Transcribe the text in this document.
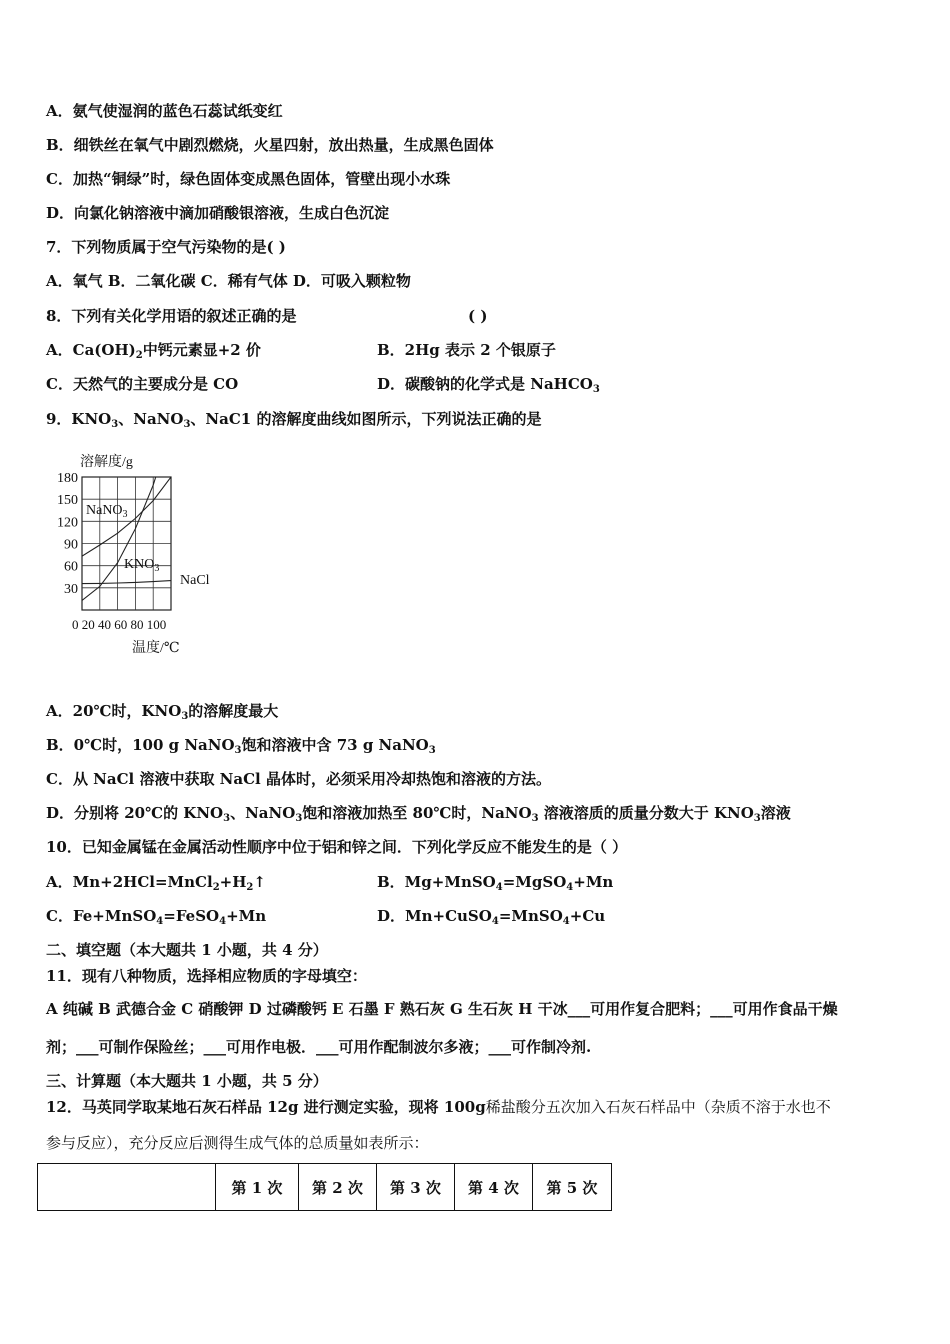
A．氨气使湿润的蓝色石蕊试纸变红
B．细铁丝在氧气中剧烈燃烧，火星四射，放出热量，生成黑色固体
C．加热“铜绿”时，绿色固体变成黑色固体，管壁出现小水珠
D．向氯化钠溶液中滴加硝酸银溶液，生成白色沉淀
7．下列物质属于空气污染物的是( )
A．氧气 B．二氧化碳 C．稀有气体 D．可吸入颗粒物
8．下列有关化学用语的叙述正确的是	( )
A．$Ca(OH)_2$中钙元素显+2 价	B．2Hg 表示 2 个银原子
C．天然气的主要成分是 CO	D．碳酸钠的化学式是 NaHCO$_3$
9．$KNO_3$、NaNO$_3$、NaC1 的溶解度曲线如图所示，下列说法正确的是
溶解度/g
180
150
120
90
60
30
0 20 40 60 80 100
温度/℃
NaNO$_3$
$KNO_3$
NaCl
A．20℃时，$KNO_3$的溶解度最大
B．0℃时，100 g NaNO$_3$饱和溶液中含 73 g NaNO$_3$
C．从 NaCl 溶液中获取 NaCl 晶体时，必须采用冷却热饱和溶液的方法。
D．分别将 20℃的 $KNO_3$、NaNO$_3$饱和溶液加热至 80℃时，NaNO$_3$ 溶液溶质的质量分数大于 $KNO_3$溶液
10．已知金属锰在金属活动性顺序中位于铝和锌之间．下列化学反应不能发生的是（ ）
A．$Mn+2HCl=MnCl_2+H_2↑$	B．Mg+MnSO$_4$=MgSO$_4$+Mn
C．Fe+MnSO$_4$=FeSO$_4$+Mn	D．Mn+CuSO$_4$=MnSO$_4$+Cu
二、填空题（本大题共 1 小题，共 4 分）
11．现有八种物质，选择相应物质的字母填空：
A 纯碱 B 武德合金 C 硝酸钾 D 过磷酸钙 E 石墨 F 熟石灰 G 生石灰 H 干冰___可用作复合肥料；___可用作食品干燥
剂；___可制作保险丝；___可用作电极．___可用作配制波尔多液；___可作制冷剂.
三、计算题（本大题共 1 小题，共 5 分）
12．马英同学取某地石灰石样品 12g 进行测定实验，现将 100g稀盐酸分五次加入石灰石样品中（杂质不溶于水也不
参与反应），充分反应后测得生成气体的总质量如表所示：
	第 1 次	第 2 次	第 3 次	第 4 次	第 5 次
